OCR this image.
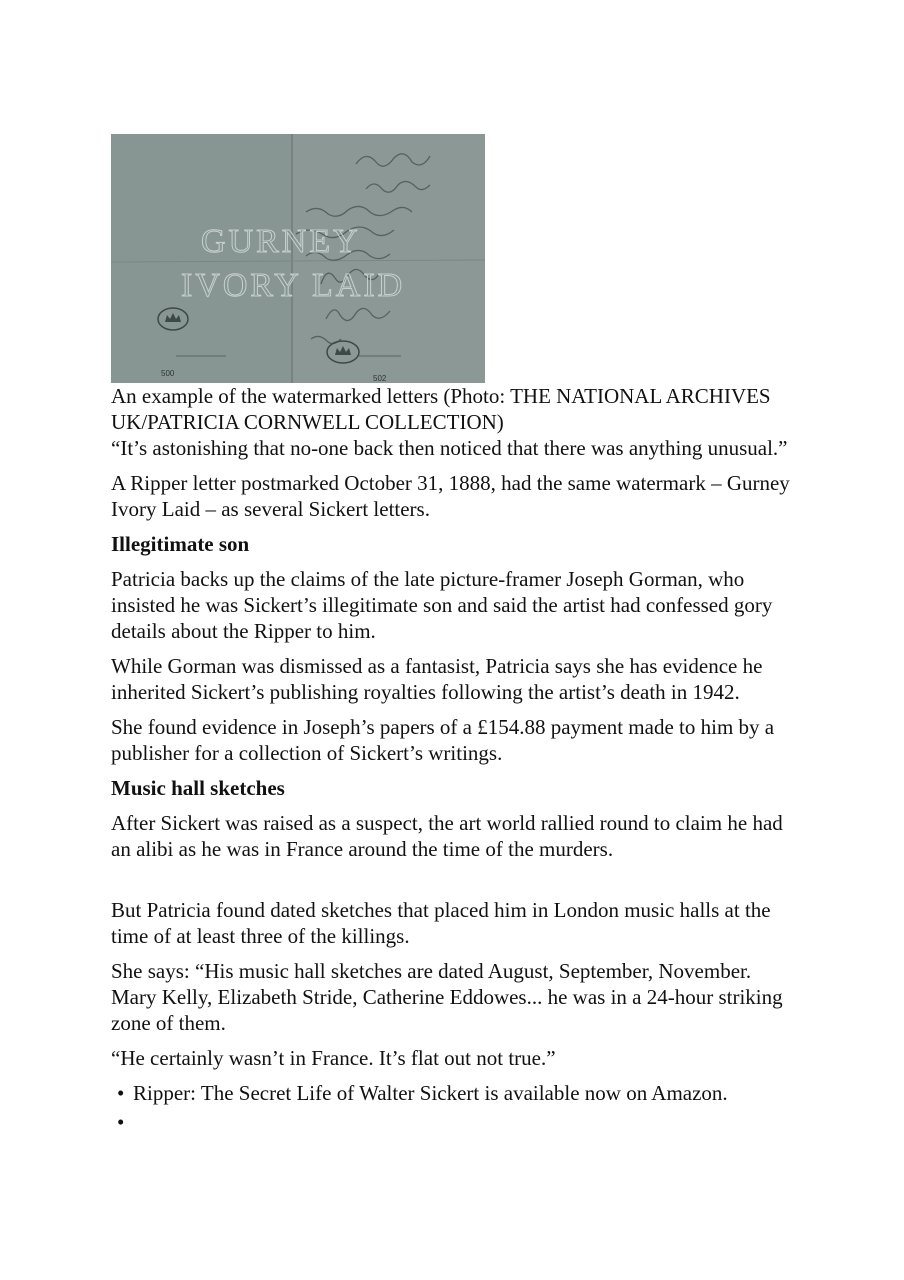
GURNEY
IVORY LAID
500
502
An example of the watermarked letters (Photo: THE NATIONAL ARCHIVES UK/PATRICIA CORNWELL COLLECTION)

“It’s astonishing that no-one back then noticed that there was anything unusual.”

A Ripper letter postmarked October 31, 1888, had the same watermark – Gurney Ivory Laid – as several Sickert letters.

Illegitimate son

Patricia backs up the claims of the late picture-framer Joseph Gorman, who insisted he was Sickert’s illegitimate son and said the artist had confessed gory details about the Ripper to him.

While Gorman was dismissed as a fantasist, Patricia says she has evidence he inherited Sickert’s publishing royalties following the artist’s death in 1942.

She found evidence in Joseph’s papers of a £154.88 payment made to him by a publisher for a collection of Sickert’s writings.

Music hall sketches

After Sickert was raised as a suspect, the art world rallied round to claim he had an alibi as he was in France around the time of the murders.

But Patricia found dated sketches that placed him in London music halls at the time of at least three of the killings.

She says: “His music hall sketches are dated August, September, November. Mary Kelly, Elizabeth Stride, Catherine Eddowes... he was in a 24-hour striking zone of them.

“He certainly wasn’t in France. It’s flat out not true.”

• Ripper: The Secret Life of Walter Sickert is available now on Amazon.
•
